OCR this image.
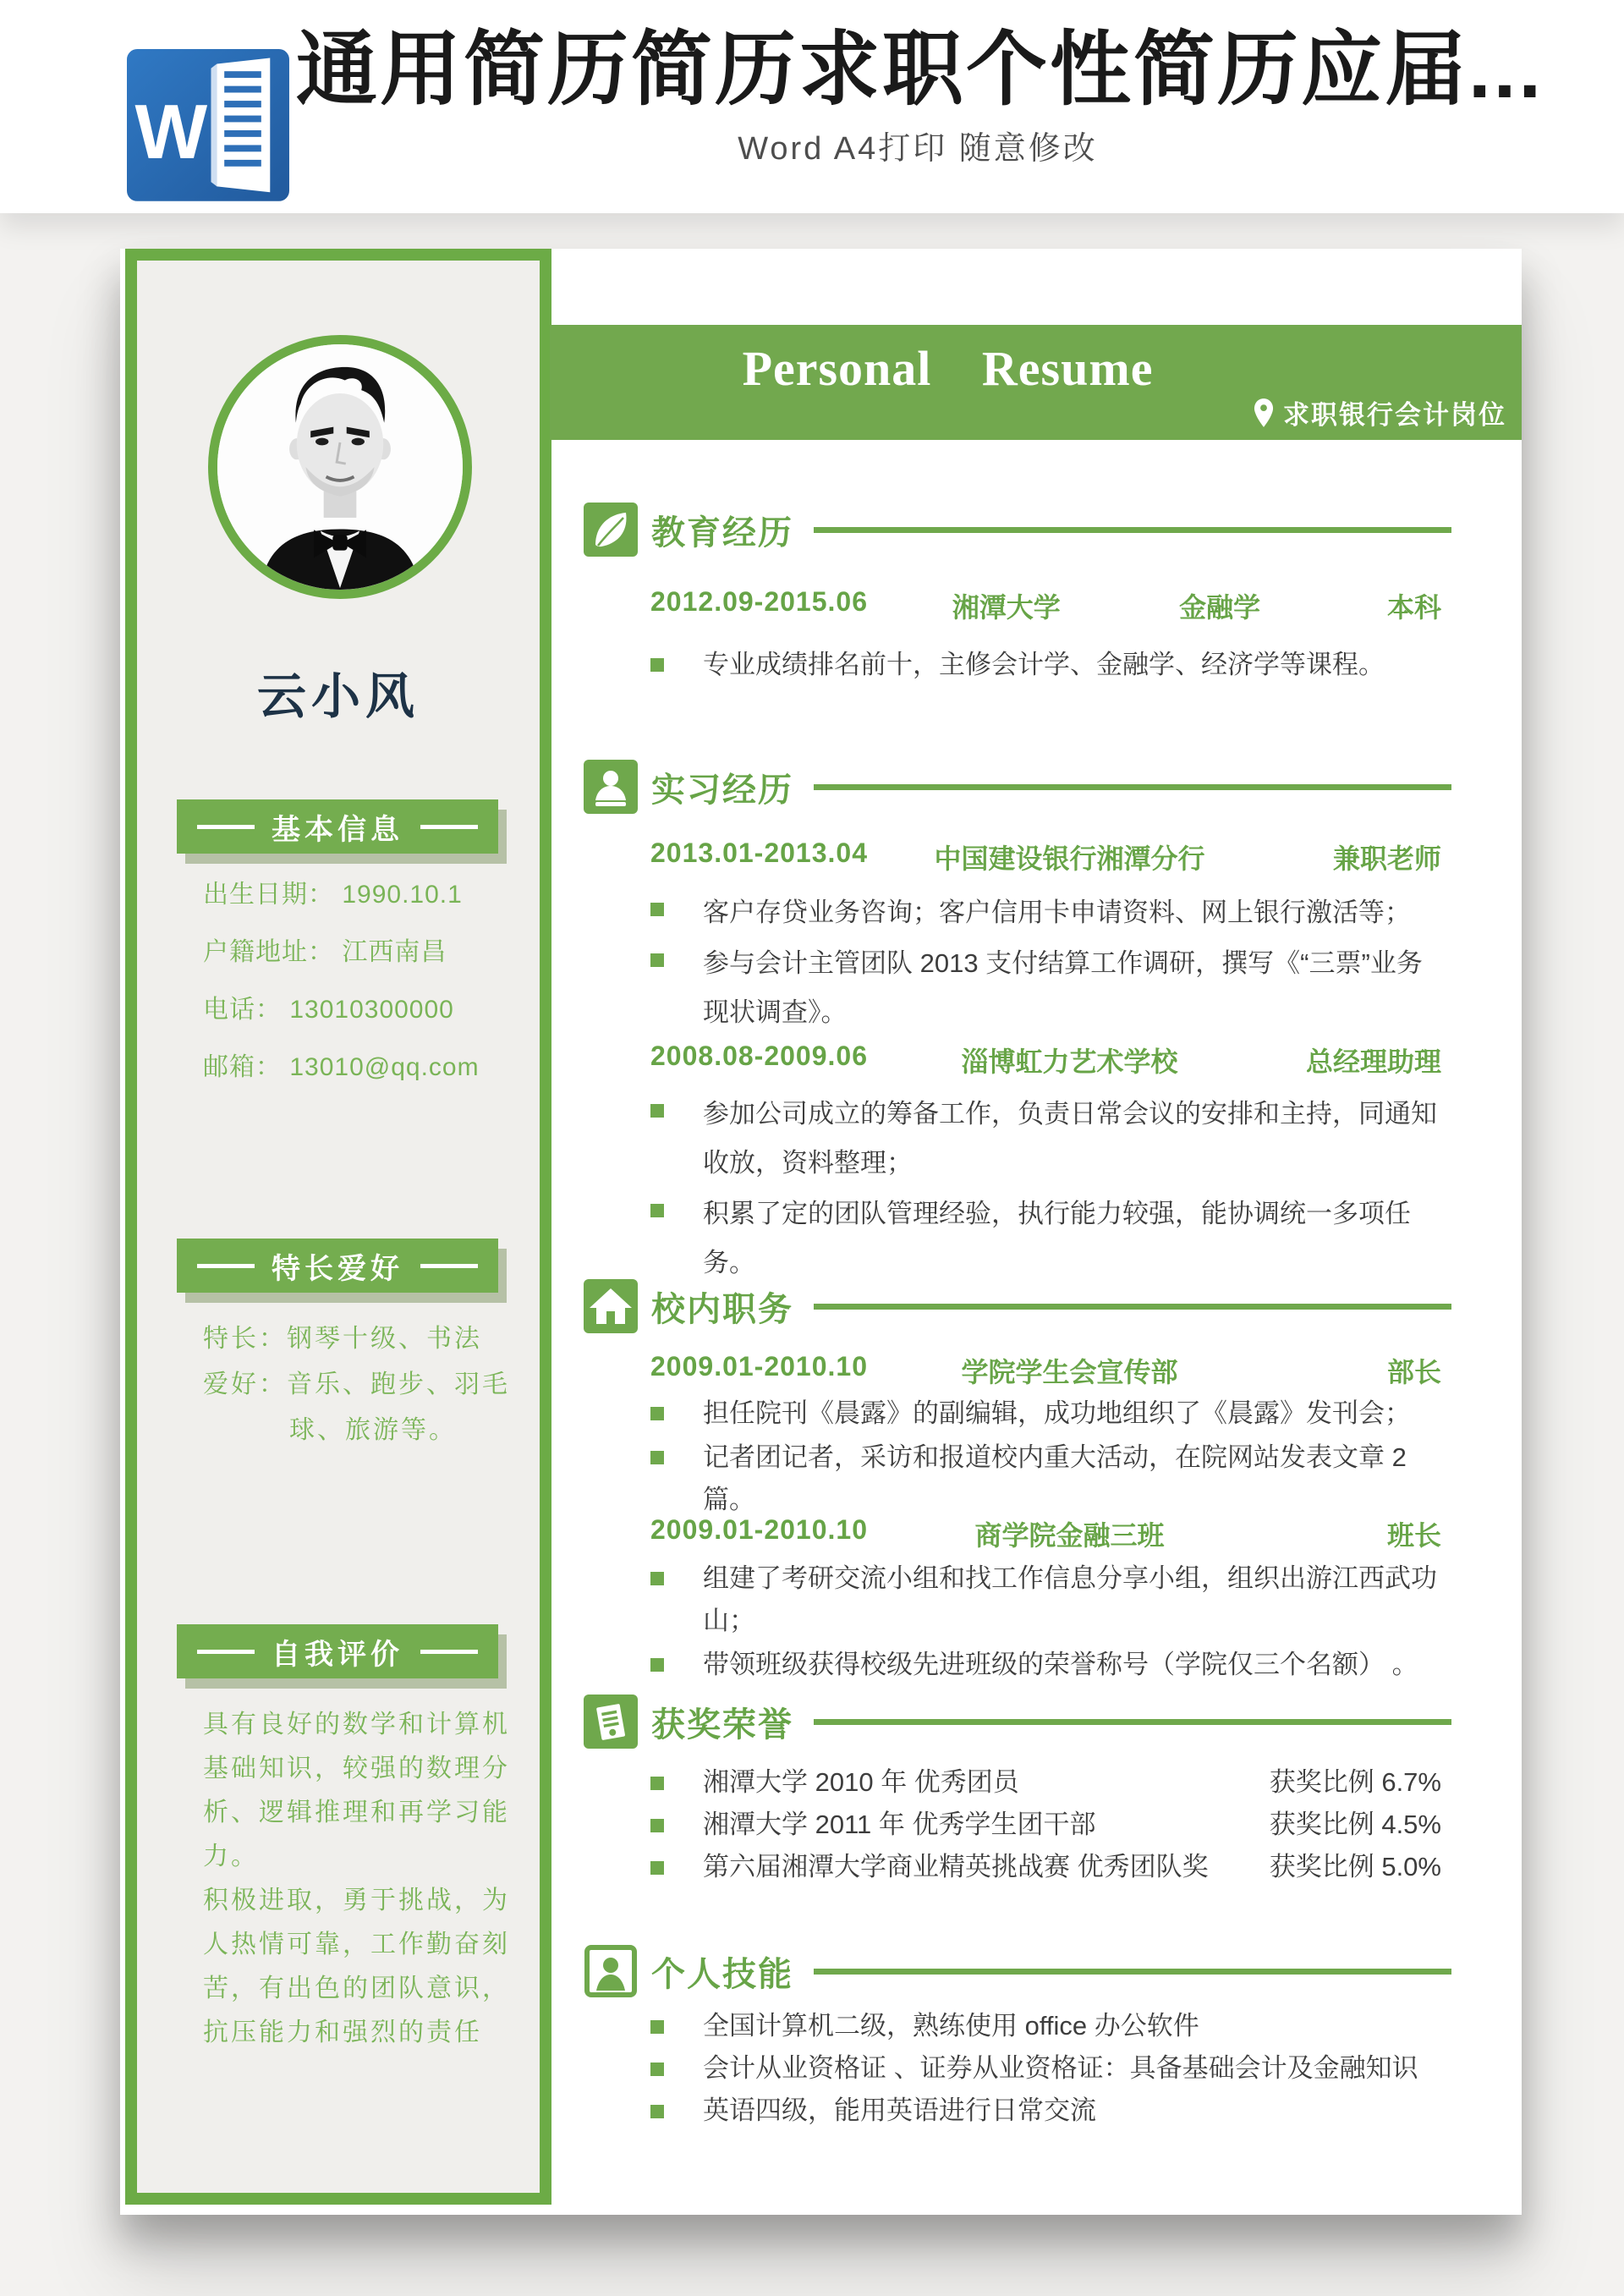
W
通用简历简历求职个性简历应届...
Word A4打印 随意修改
云小风
基本信息

出生日期： 1990.10.1

户籍地址： 江西南昌

电话： 13010300000

邮箱： 13010@qq.com

特长爱好

特长：钢琴十级、书法

爱好：音乐、跑步、羽毛球、旅游等。

自我评价

具有良好的数学和计算机基础知识，较强的数理分析、逻辑推理和再学习能力。

积极进取，勇于挑战，为人热情可靠，工作勤奋刻苦，有出色的团队意识，抗压能力和强烈的责任

Personal Resume
求职银行会计岗位
教育经历
2012.09-2015.06	湘潭大学	金融学	本科
专业成绩排名前十，主修会计学、金融学、经济学等课程。
实习经历
2013.01-2013.04 中国建设银行湘潭分行	兼职老师
客户存贷业务咨询；客户信用卡申请资料、网上银行激活等；
参与会计主管团队 2013 支付结算工作调研，撰写《“三票”业务现状调查》。
2008.08-2009.06	淄博虹力艺术学校	总经理助理
参加公司成立的筹备工作，负责日常会议的安排和主持，同通知收放，资料整理；
积累了定的团队管理经验，执行能力较强，能协调统一多项任务。
校内职务
2009.01-2010.10	学院学生会宣传部	部长
担任院刊《晨露》的副编辑，成功地组织了《晨露》发刊会；
记者团记者，采访和报道校内重大活动，在院网站发表文章 2 篇。
2009.01-2010.10	商学院金融三班	班长
组建了考研交流小组和找工作信息分享小组，组织出游江西武功山；
带领班级获得校级先进班级的荣誉称号（学院仅三个名额） 。
获奖荣誉
湘潭大学 2010 年 优秀团员	获奖比例 6.7%
湘潭大学 2011 年 优秀学生团干部	获奖比例 4.5%
第六届湘潭大学商业精英挑战赛 优秀团队奖 获奖比例 5.0%
个人技能
全国计算机二级，熟练使用 office 办公软件
会计从业资格证 、证券从业资格证：具备基础会计及金融知识
英语四级，能用英语进行日常交流
